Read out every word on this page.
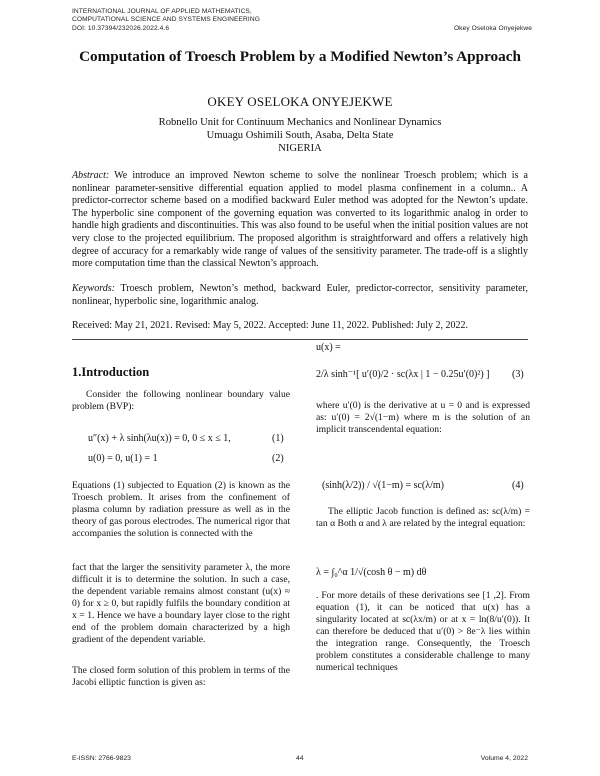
INTERNATIONAL JOURNAL OF APPLIED MATHEMATICS,
COMPUTATIONAL SCIENCE AND SYSTEMS ENGINEERING
DOI: 10.37394/232026.2022.4.6	Okey Oseloka Onyejekwe
Computation of Troesch Problem by a Modified Newton’s Approach
OKEY OSELOKA ONYEJEKWE
Robnello Unit for Continuum Mechanics and Nonlinear Dynamics
Umuagu Oshimili South, Asaba, Delta State
NIGERIA
Abstract: We introduce an improved Newton scheme to solve the nonlinear Troesch problem; which is a nonlinear parameter-sensitive differential equation applied to model plasma confinement in a column.. A predictor-corrector scheme based on a modified backward Euler method was adopted for the Newton’s update. The hyperbolic sine component of the governing equation was converted to its logarithmic analog in order to handle high gradients and discontinuities. This was also found to be useful when the initial position values are not very close to the projected equilibrium. The proposed algorithm is straightforward and offers a relatively high degree of accuracy for a remarkably wide range of values of the sensitivity parameter. The trade-off is a slightly more computation time than the classical Newton’s approach.
Keywords: Troesch problem, Newton’s method, backward Euler, predictor-corrector, sensitivity parameter, nonlinear, hyperbolic sine, logarithmic analog.
Received: May 21, 2021. Revised: May 5, 2022. Accepted: June 11, 2022. Published: July 2, 2022.
1.Introduction
Consider the following nonlinear boundary value problem (BVP):
u″(x) + λ sinh(λu(x)) = 0, 0 ≤ x ≤ 1,	(1)
u(0) = 0, u(1) = 1	(2)
Equations (1) subjected to Equation (2) is known as the Troesch problem. It arises from the confinement of plasma column by radiation pressure as well as in the theory of gas porous electrodes. The numerical rigor that accompanies the solution is connected with the
fact that the larger the sensitivity parameter λ, the more difficult it is to determine the solution. In such a case, the dependent variable remains almost constant (u(x) ≈ 0) for x ≥ 0, but rapidly fulfils the boundary condition at x = 1. Hence we have a boundary layer close to the right end of the problem domain characterized by a high gradient of the dependent variable.
The closed form solution of this problem in terms of the Jacobi elliptic function is given as:
u(x) =
2/λ sinh⁻¹[ u′(0)/2 · sc(λx | 1 − 0.25u′(0)²) ] (3)
where u′(0) is the derivative at u = 0 and is expressed as: u′(0) = 2√(1−m) where m is the solution of an implicit transcendental equation:
(sinh(λ/2)) / √(1−m) = sc(λ/m)	(4)
The elliptic Jacob function is defined as: sc(λ/m) = tan α Both α and λ are related by the integral equation:
λ = ∫₀^α 1/√(cosh θ − m) dθ
. For more details of these derivations see [1 ,2]. From equation (1), it can be noticed that u(x) has a singularity located at sc(λx/m) or at x = ln(8/u′(0)). It can therefore be deduced that u′(0) > 8e⁻λ lies within the integration range. Consequently, the Troesch problem constitutes a considerable challenge to many numerical techniques
E-ISSN: 2766-9823	44	Volume 4, 2022
